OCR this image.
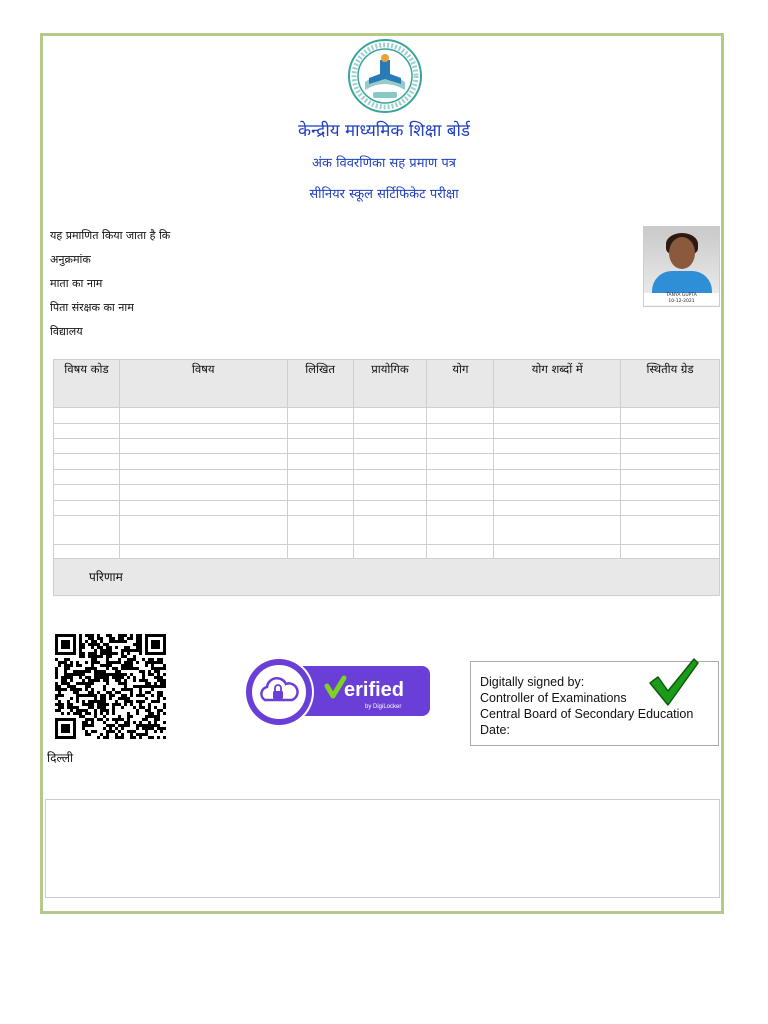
केन्द्रीय माध्यमिक शिक्षा बोर्ड
अंक विवरणिका सह प्रमाण पत्र
सीनियर स्कूल सर्टिफिकेट परीक्षा
यह प्रमाणित किया जाता है कि
अनुक्रमांक
माता का नाम
पिता संरक्षक का नाम
विद्यालय
TANYA GUPTA
10-12-2021
विषय कोड	विषय	लिखित	प्रायोगिक	योग	योग शब्दों में	स्थितीय ग्रेड

परिणाम
erified
by DigiLocker
Digitally signed by:
Controller of Examinations
Central Board of Secondary Education
Date:
दिल्ली
